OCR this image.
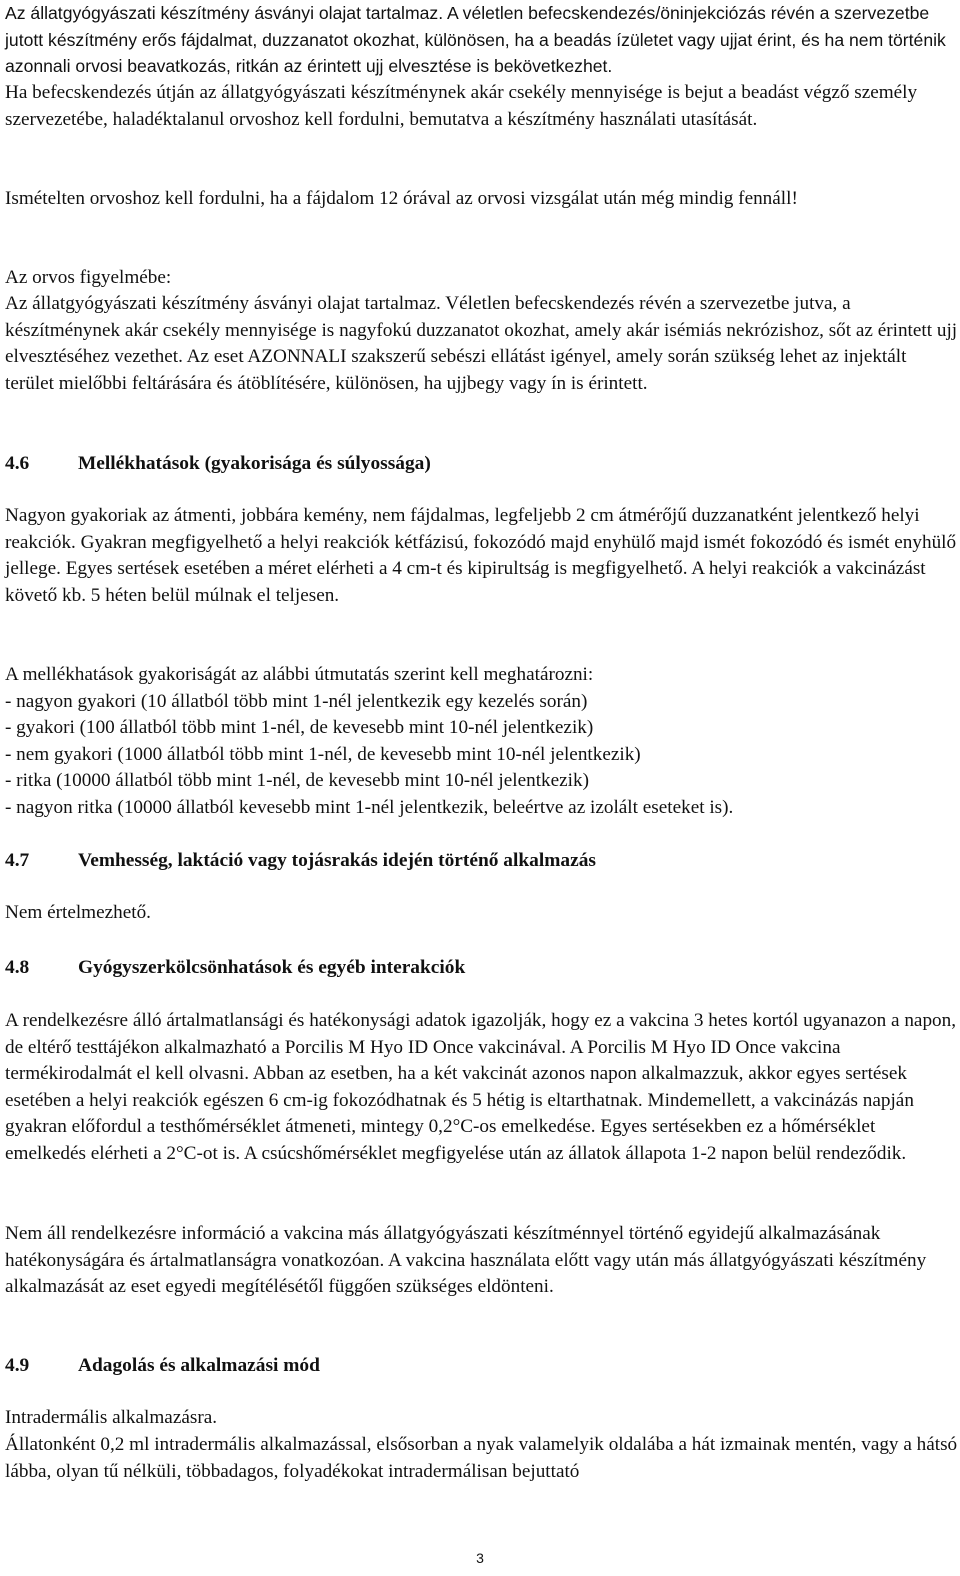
Az állatgyógyászati készítmény ásványi olajat tartalmaz. A véletlen befecskendezés/öninjekciózás révén a szervezetbe jutott készítmény erős fájdalmat, duzzanatot okozhat, különösen, ha a beadás ízületet vagy ujjat érint, és ha nem történik azonnali orvosi beavatkozás, ritkán az érintett ujj elvesztése is bekövetkezhet.

Ha befecskendezés útján az állatgyógyászati készítménynek akár csekély mennyisége is bejut a beadást végző személy szervezetébe, haladéktalanul orvoshoz kell fordulni, bemutatva a készítmény használati utasítását.

Ismételten orvoshoz kell fordulni, ha a fájdalom 12 órával az orvosi vizsgálat után még mindig fennáll!

Az orvos figyelmébe:

Az állatgyógyászati készítmény ásványi olajat tartalmaz. Véletlen befecskendezés révén a szervezetbe jutva, a készítménynek akár csekély mennyisége is nagyfokú duzzanatot okozhat, amely akár isémiás nekrózishoz, sőt az érintett ujj elvesztéséhez vezethet. Az eset AZONNALI szakszerű sebészi ellátást igényel, amely során szükség lehet az injektált terület mielőbbi feltárására és átöblítésére, különösen, ha ujjbegy vagy ín is érintett.

4.6	Mellékhatások (gyakorisága és súlyossága)

Nagyon gyakoriak az átmenti, jobbára kemény, nem fájdalmas, legfeljebb 2 cm átmérőjű duzzanatként jelentkező helyi reakciók. Gyakran megfigyelhető a helyi reakciók kétfázisú, fokozódó majd enyhülő majd ismét fokozódó és ismét enyhülő jellege. Egyes sertések esetében a méret elérheti a 4 cm-t és kipirultság is megfigyelhető. A helyi reakciók a vakcinázást követő kb. 5 héten belül múlnak el teljesen.

A mellékhatások gyakoriságát az alábbi útmutatás szerint kell meghatározni:

- nagyon gyakori (10 állatból több mint 1-nél jelentkezik egy kezelés során)

- gyakori (100 állatból több mint 1-nél, de kevesebb mint 10-nél jelentkezik)

- nem gyakori (1000 állatból több mint 1-nél, de kevesebb mint 10-nél jelentkezik)

- ritka (10000 állatból több mint 1-nél, de kevesebb mint 10-nél jelentkezik)

- nagyon ritka (10000 állatból kevesebb mint 1-nél jelentkezik, beleértve az izolált eseteket is).

4.7	Vemhesség, laktáció vagy tojásrakás idején történő alkalmazás

Nem értelmezhető.

4.8	Gyógyszerkölcsönhatások és egyéb interakciók

A rendelkezésre álló ártalmatlansági és hatékonysági adatok igazolják, hogy ez a vakcina 3 hetes kortól ugyanazon a napon, de eltérő testtájékon alkalmazható a Porcilis M Hyo ID Once vakcinával. A Porcilis M Hyo ID Once vakcina termékirodalmát el kell olvasni. Abban az esetben, ha a két vakcinát azonos napon alkalmazzuk, akkor egyes sertések esetében a helyi reakciók egészen 6 cm-ig fokozódhatnak és 5 hétig is eltarthatnak. Mindemellett, a vakcinázás napján gyakran előfordul a testhőmérséklet átmeneti, mintegy 0,2°C-os emelkedése. Egyes sertésekben ez a hőmérséklet emelkedés elérheti a 2°C-ot is. A csúcshőmérséklet megfigyelése után az állatok állapota 1-2 napon belül rendeződik.

Nem áll rendelkezésre információ a vakcina más állatgyógyászati készítménnyel történő egyidejű alkalmazásának hatékonyságára és ártalmatlanságra vonatkozóan. A vakcina használata előtt vagy után más állatgyógyászati készítmény alkalmazását az eset egyedi megítélésétől függően szükséges eldönteni.

4.9	Adagolás és alkalmazási mód

Intradermális alkalmazásra.

Állatonként 0,2 ml intradermális alkalmazással, elsősorban a nyak valamelyik oldalába a hát izmainak mentén, vagy a hátsó lábba, olyan tű nélküli, többadagos, folyadékokat intradermálisan bejuttató

3
